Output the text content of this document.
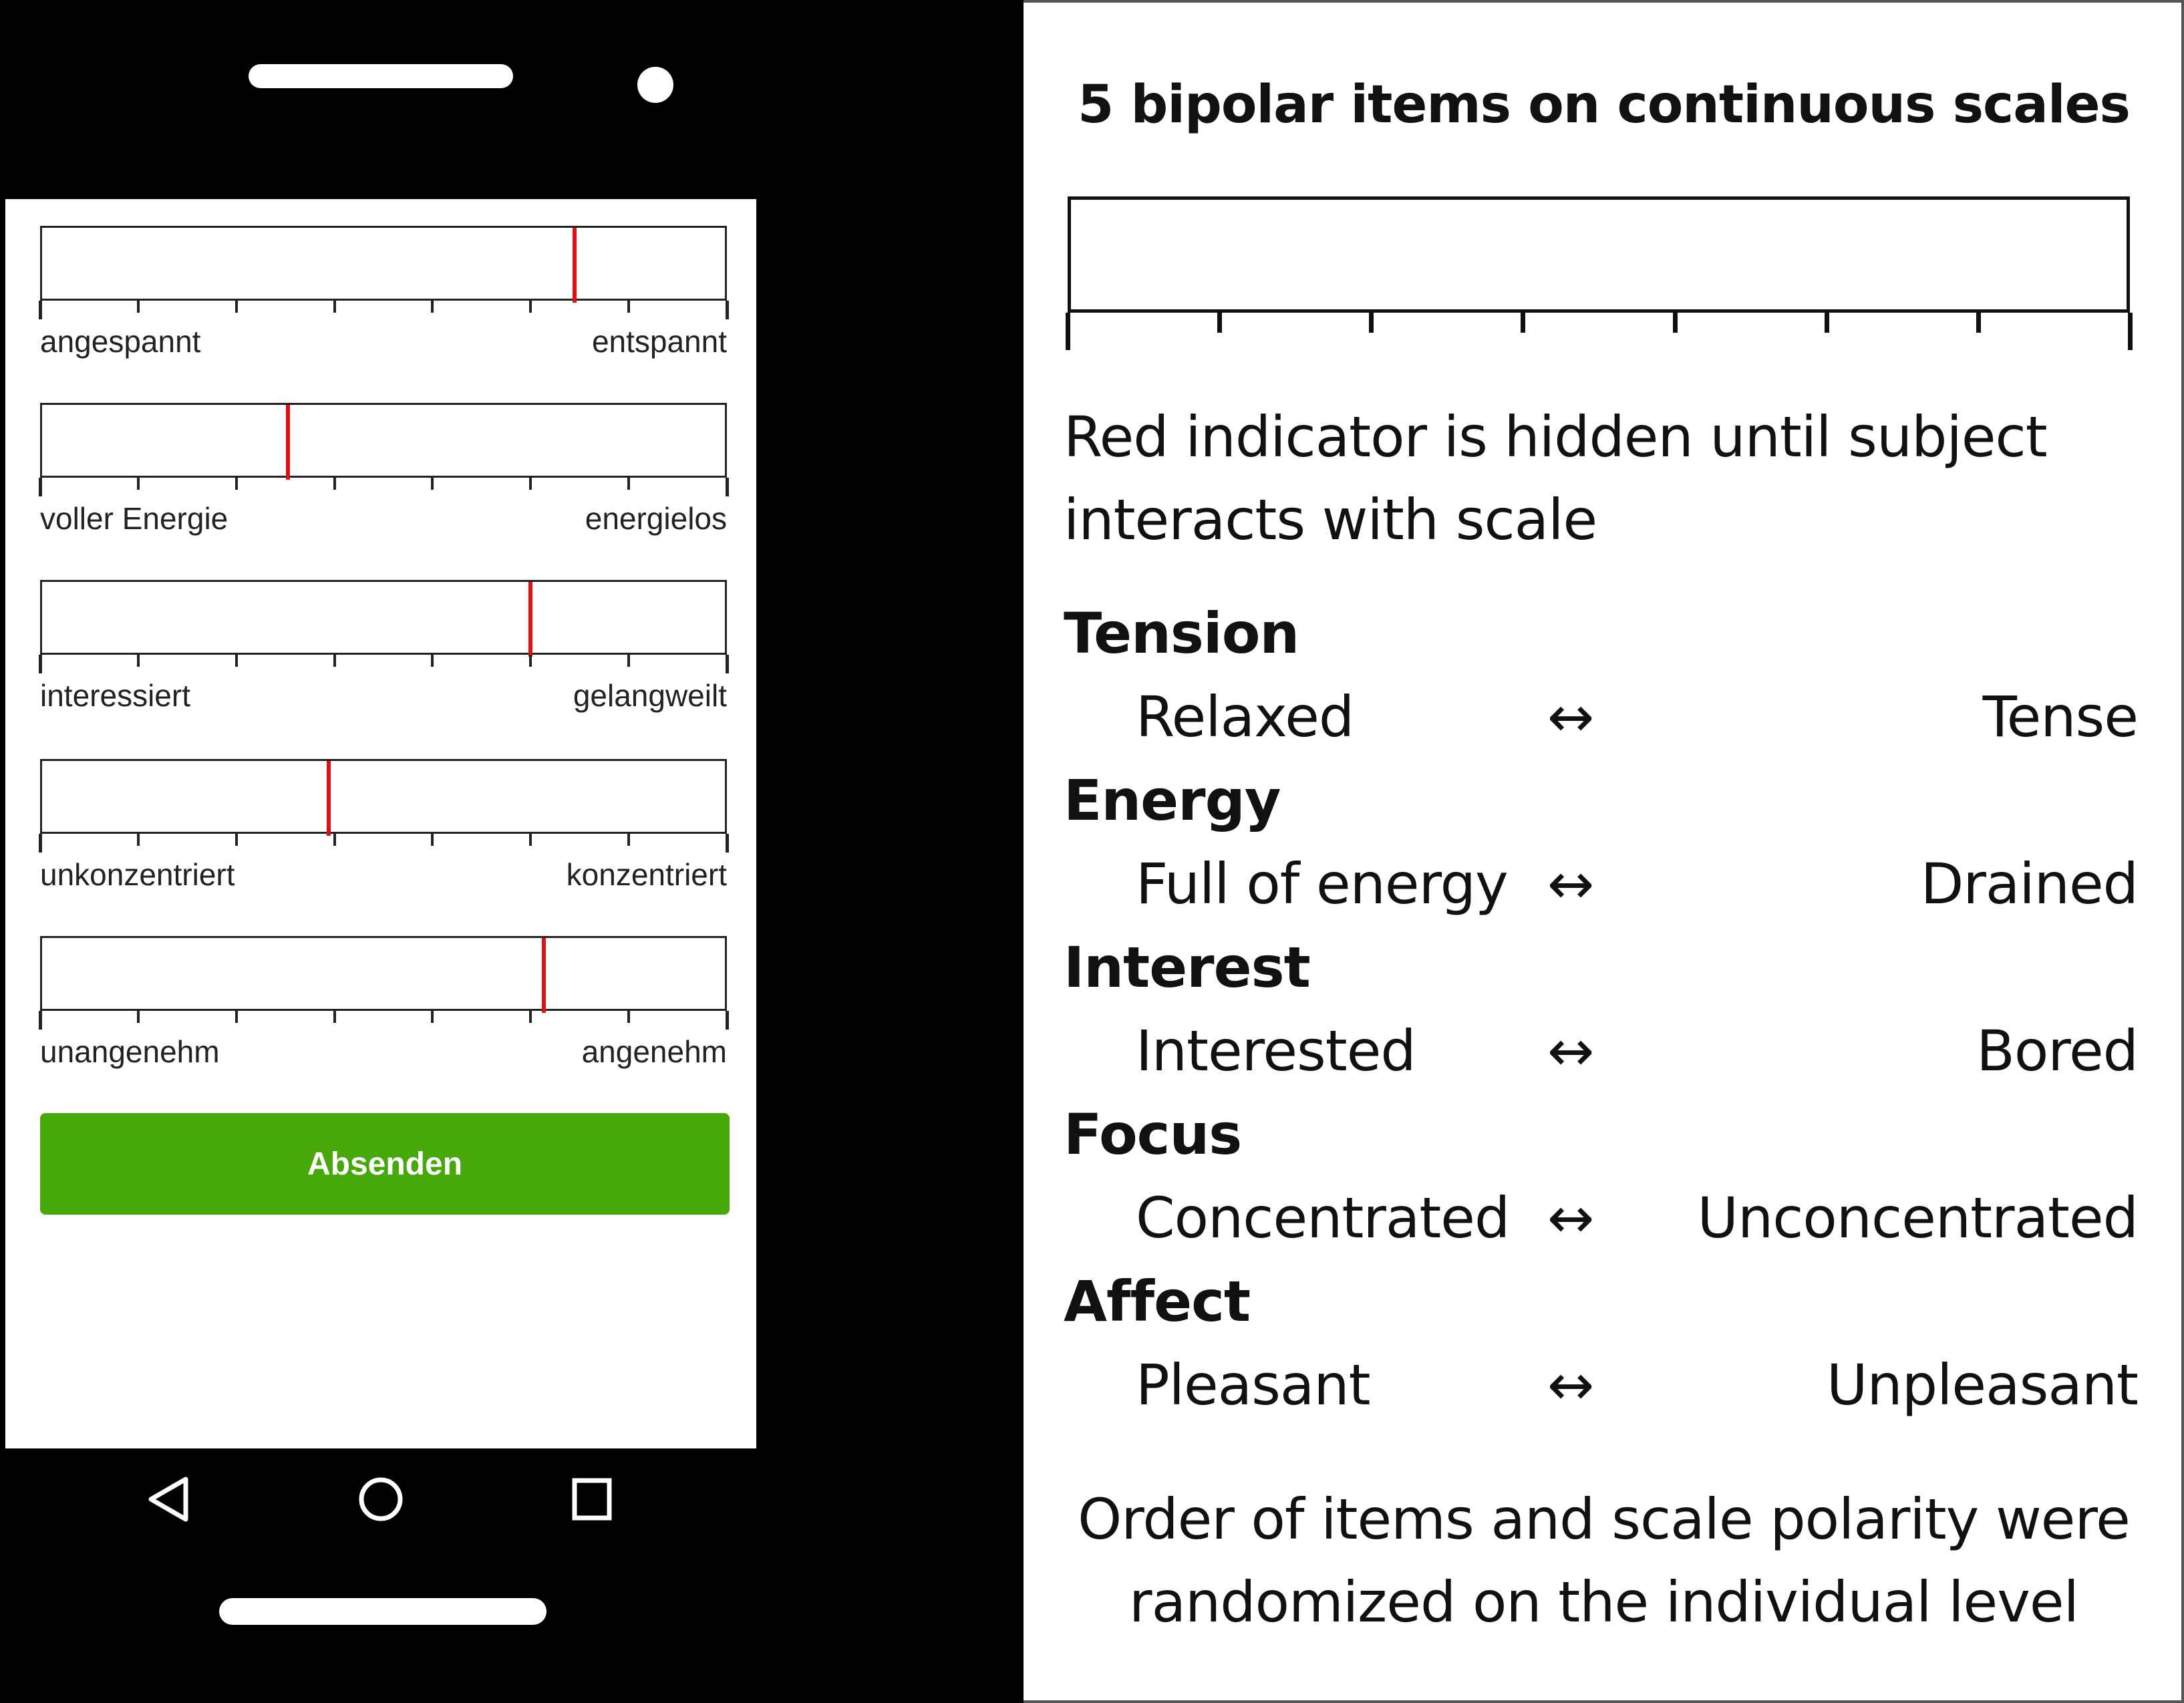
angespannt	entspannt
voller Energie	energielos
interessiert	gelangweilt
unkonzentriert	konzentriert
unangenehm	angenehm
Absenden
5 bipolar items on continuous scales
Red indicator is hidden until subject interacts with scale
Tension
Relaxed	↔	Tense
Energy
Full of energy ↔	Drained
Interest
Interested ↔	Bored
Focus
Concentrated ↔ Unconcentrated
Affect
Pleasant	↔	Unpleasant
Order of items and scale polarity were randomized on the individual level
